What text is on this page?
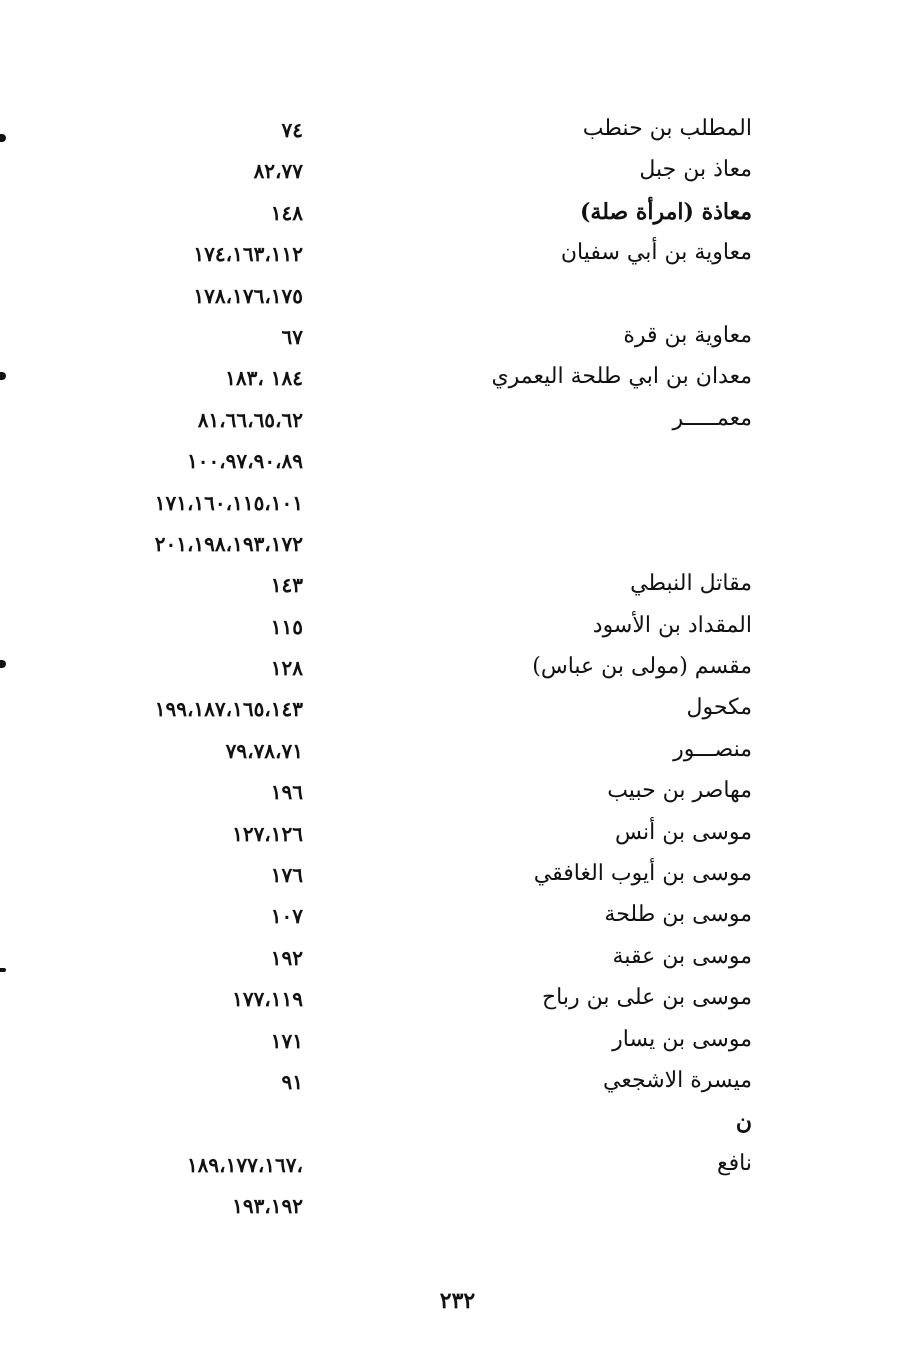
المطلب بن حنطب
٧٤
معاذ بن جبل
٨٢،٧٧
معاذة (امرأة صلة)
١٤٨
معاوية بن أبي سفيان
١٧٤،١٦٣،١١٢
١٧٨،١٧٦،١٧٥
معاوية بن قرة
٦٧
معدان بن ابي طلحة اليعمري
١٨٤ ،١٨٣
معمـــــر
٨١،٦٦،٦٥،٦٢
١٠٠،٩٧،٩٠،٨٩
١٧١،١٦٠،١١٥،١٠١
٢٠١،١٩٨،١٩٣،١٧٢
مقاتل النبطي
١٤٣
المقداد بن الأسود
١١٥
مقسم (مولى بن عباس)
١٢٨
مكحول
١٩٩،١٨٧،١٦٥،١٤٣
منصـــور
٧٩،٧٨،٧١
مهاصر بن حبيب
١٩٦
موسى بن أنس
١٢٧،١٢٦
موسى بن أيوب الغافقي
١٧٦
موسى بن طلحة
١٠٧
موسى بن عقبة
١٩٢
موسى بن على بن رباح
١٧٧،١١٩
موسى بن يسار
١٧١
ميسرة الاشجعي
٩١
ن
نافع
،١٨٩،١٧٧،١٦٧
١٩٣،١٩٢
٢٣٢
